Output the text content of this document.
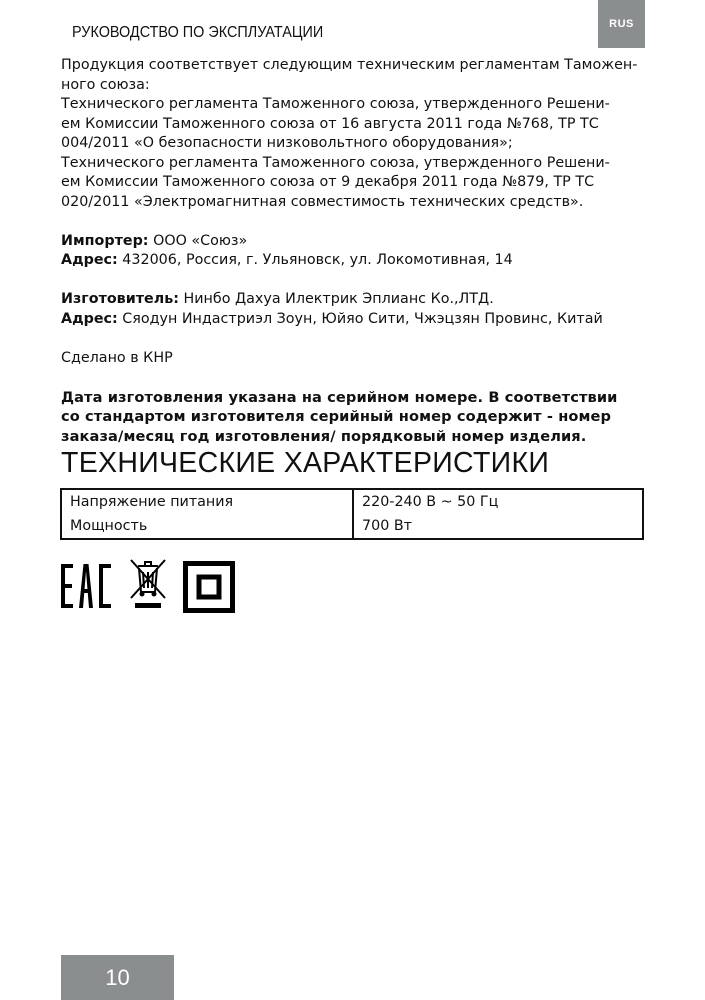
РУКОВОДСТВО ПО ЭКСПЛУАТАЦИИ	RUS
Продукция соответствует следующим техническим регламентам Таможен-
ного союза:
Технического регламента Таможенного союза, утвержденного Решени-
ем Комиссии Таможенного союза от 16 августа 2011 года №768, ТР ТС
004/2011 «О безопасности низковольтного оборудования»;
Технического регламента Таможенного союза, утвержденного Решени-
ем Комиссии Таможенного союза от 9 декабря 2011 года №879, ТР ТС
020/2011 «Электромагнитная совместимость технических средств».
Импортер: ООО «Союз»
Адрес: 432006, Россия, г. Ульяновск, ул. Локомотивная, 14
Изготовитель: Нинбо Дахуа Илектрик Эплианс Ко.,ЛТД.
Адрес: Сяодун Индастриэл Зоун, Юйяо Сити, Чжэцзян Провинс, Китай
Сделано в КНР
Дата изготовления указана на серийном номере. В соответствии
со стандартом изготовителя серийный номер содержит - номер
заказа/месяц год изготовления/ порядковый номер изделия.
ТЕХНИЧЕСКИЕ ХАРАКТЕРИСТИКИ
Напряжение питания	220-240 В ~ 50 Гц
Мощность	700 Вт
10
